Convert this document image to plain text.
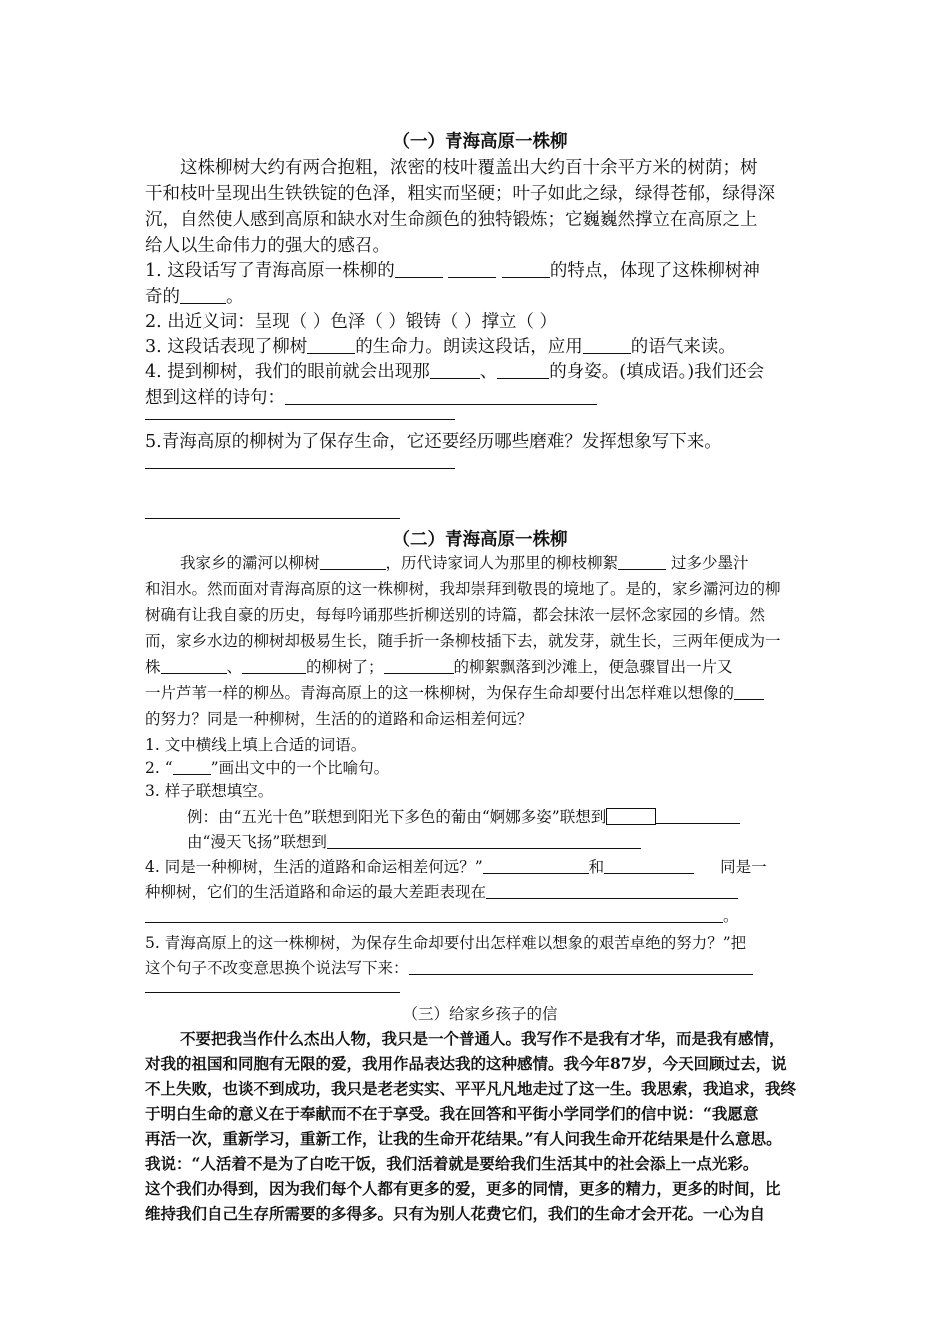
（一）青海高原一株柳
这株柳树大约有两合抱粗，浓密的枝叶覆盖出大约百十余平方米的树荫；树
干和枝叶呈现出生铁铁锭的色泽，粗实而坚硬；叶子如此之绿，绿得苍郁，绿得深
沉，自然使人感到高原和缺水对生命颜色的独特锻炼；它巍巍然撑立在高原之上
给人以生命伟力的强大的感召。
1. 这段话写了青海高原一株柳的	的特点，体现了这株柳树神
奇的	。
2. 出近义词：呈现（ ）色泽（ ）锻铸（ ）撑立（ ）
3. 这段话表现了柳树	的生命力。朗读这段话，应用	的语气来读。
4. 提到柳树，我们的眼前就会出现那	、	的身姿。(填成语。)我们还会
想到这样的诗句：
5.青海高原的柳树为了保存生命，它还要经历哪些磨难？发挥想象写下来。
（二）青海高原一株柳
我家乡的灞河以柳树	，历代诗家词人为那里的柳枝柳絮	过多少墨汁
和泪水。然而面对青海高原的这一株柳树，我却崇拜到敬畏的境地了。是的，家乡灞河边的柳
树确有让我自豪的历史，每每吟诵那些折柳送别的诗篇，都会抹浓一层怀念家园的乡情。然
而，家乡水边的柳树却极易生长，随手折一条柳枝插下去，就发芽，就生长，三两年便成为一
株	、	的柳树了；	的柳絮飘落到沙滩上，便急骤冒出一片又
一片芦苇一样的柳丛。青海高原上的这一株柳树，为保存生命却要付出怎样难以想像的
的努力？同是一种柳树，生活的的道路和命运相差何远？
1. 文中横线上填上合适的词语。
2. “ ”画出文中的一个比喻句。
3. 样子联想填空。
例：由“五光十色”联想到阳光下多色的葡由“婀娜多姿”联想到
由“漫天飞扬”联想到
4. 同是一种柳树，生活的道路和命运相差何远？”	和	同是一
种柳树，它们的生活道路和命运的最大差距表现在
。
5. 青海高原上的这一株柳树，为保存生命却要付出怎样难以想象的艰苦卓绝的努力？”把
这个句子不改变意思换个说法写下来：
（三）给家乡孩子的信
不要把我当作什么杰出人物，我只是一个普通人。我写作不是我有才华，而是我有感情，
对我的祖国和同胞有无限的爱，我用作品表达我的这种感情。我今年87岁，今天回顾过去，说
不上失败，也谈不到成功，我只是老老实实、平平凡凡地走过了这一生。我思索，我追求，我终
于明白生命的意义在于奉献而不在于享受。我在回答和平街小学同学们的信中说：“我愿意
再活一次，重新学习，重新工作，让我的生命开花结果。”有人问我生命开花结果是什么意思。
我说：“人活着不是为了白吃干饭，我们活着就是要给我们生活其中的社会添上一点光彩。
这个我们办得到，因为我们每个人都有更多的爱，更多的同情，更多的精力，更多的时间，比
维持我们自己生存所需要的多得多。只有为别人花费它们，我们的生命才会开花。一心为自
